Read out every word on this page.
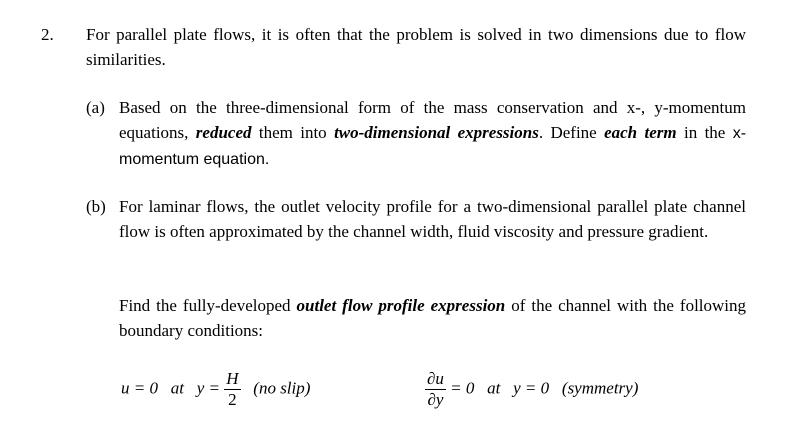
2. For parallel plate flows, it is often that the problem is solved in two dimensions due to flow similarities.
(a) Based on the three-dimensional form of the mass conservation and x-, y-momentum equations, reduced them into two-dimensional expressions. Define each term in the x-momentum equation.
(b) For laminar flows, the outlet velocity profile for a two-dimensional parallel plate channel flow is often approximated by the channel width, fluid viscosity and pressure gradient.
Find the fully-developed outlet flow profile expression of the channel with the following boundary conditions:
u = 0 at $y = \frac{H}{2} (no$ slip)	$\frac{\partial u}{\partial y} = 0$ at y = 0 (symmetry)
